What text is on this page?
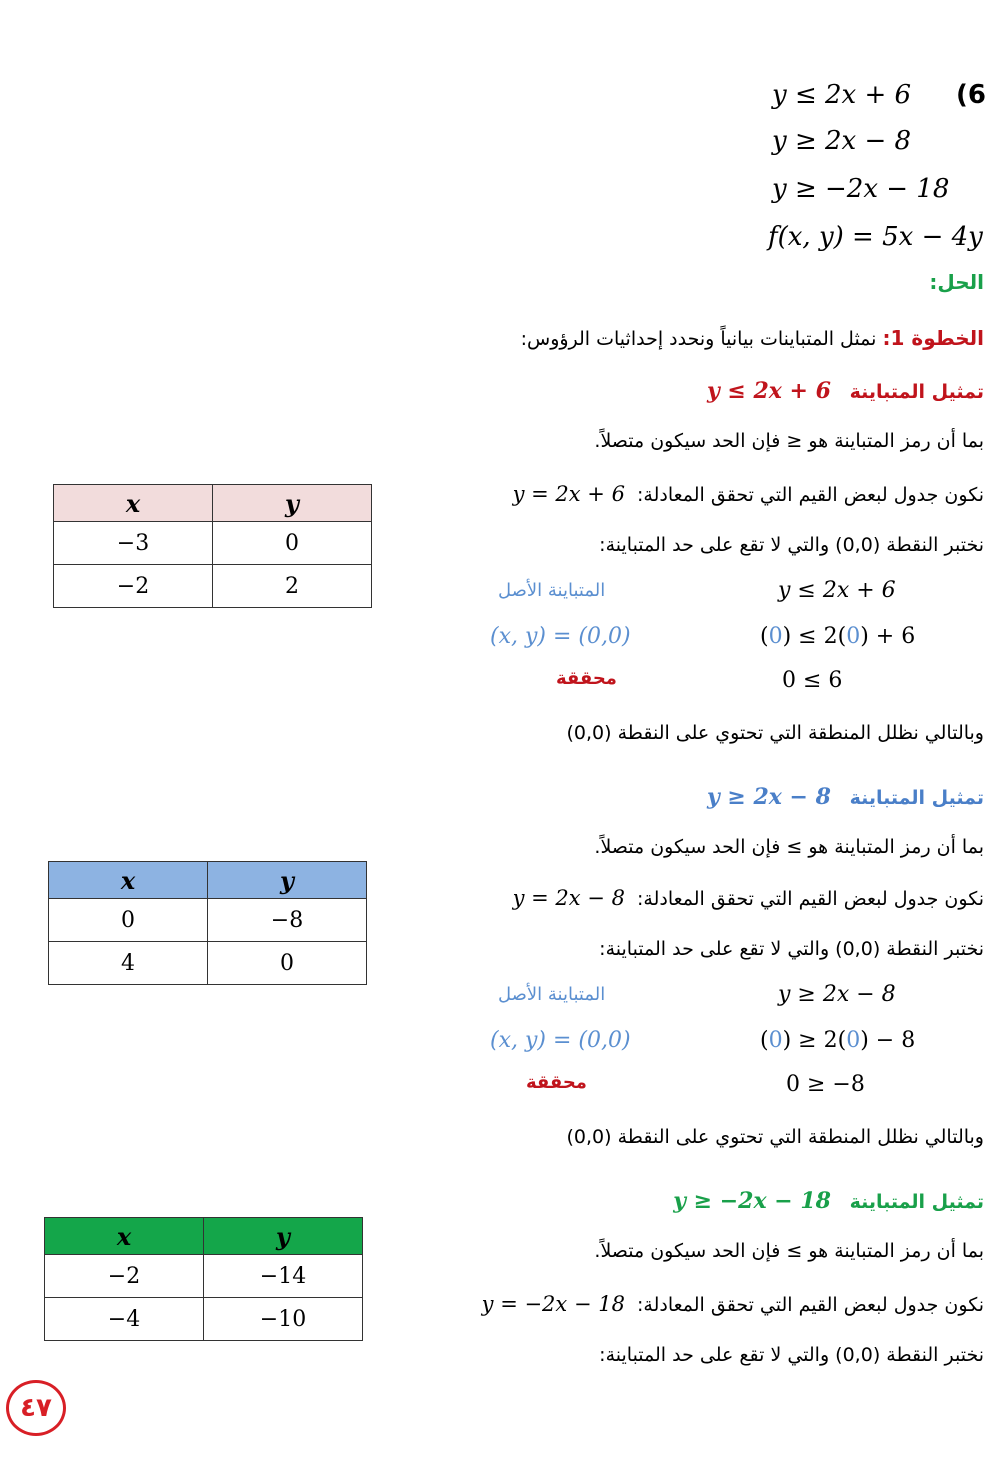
(6
y ≤ 2x + 6
y ≥ 2x − 8
y ≥ −2x − 18
f(x, y) = 5x − 4y
الحل:
الخطوة 1: نمثل المتباينات بيانياً ونحدد إحداثيات الرؤوس:
تمثيل المتباينة y ≤ 2x + 6
بما أن رمز المتباينة هو ≤ فإن الحد سيكون متصلاً.
نكون جدول لبعض القيم التي تحقق المعادلة: y = 2x + 6
نختبر النقطة (0,0) والتي لا تقع على حد المتباينة:
المتباينة الأصل	y ≤ 2x + 6
(x, y) = (0,0)	(0) ≤ 2(0) + 6
محققة	0 ≤ 6
وبالتالي نظلل المنطقة التي تحتوي على النقطة (0,0)
x	y
−3	0
−2	2
تمثيل المتباينة y ≥ 2x − 8
بما أن رمز المتباينة هو ≥ فإن الحد سيكون متصلاً.
نكون جدول لبعض القيم التي تحقق المعادلة: y = 2x − 8
نختبر النقطة (0,0) والتي لا تقع على حد المتباينة:
المتباينة الأصل	y ≥ 2x − 8
(x, y) = (0,0)	(0) ≥ 2(0) − 8
محققة	0 ≥ −8
وبالتالي نظلل المنطقة التي تحتوي على النقطة (0,0)
x	y
0	−8
4	0
تمثيل المتباينة y ≥ −2x − 18
بما أن رمز المتباينة هو ≥ فإن الحد سيكون متصلاً.
نكون جدول لبعض القيم التي تحقق المعادلة: y = −2x − 18
نختبر النقطة (0,0) والتي لا تقع على حد المتباينة:
x	y
−2	−14
−4	−10
٤٧
